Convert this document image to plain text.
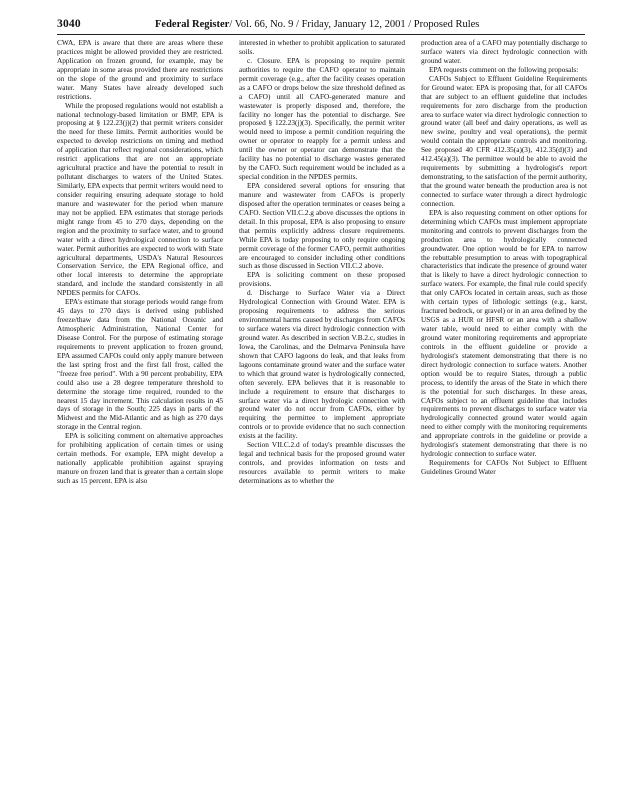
3040	Federal Register/ Vol. 66, No. 9 / Friday, January 12, 2001 / Proposed Rules

CWA, EPA is aware that there are areas where these practices might be allowed provided they are restricted. Application on frozen ground, for example, may be appropriate in some areas provided there are restrictions on the slope of the ground and proximity to surface water. Many States have already developed such restrictions.

While the proposed regulations would not establish a national technology-based limitation or BMP, EPA is proposing at § 122.23(j)(2) that permit writers consider the need for these limits. Permit authorities would be expected to develop restrictions on timing and method of application that reflect regional considerations, which restrict applications that are not an appropriate agricultural practice and have the potential to result in pollutant discharges to waters of the United States. Similarly, EPA expects that permit writers would need to consider requiring ensuring adequate storage to hold manure and wastewater for the period when manure may not be applied. EPA estimates that storage periods might range from 45 to 270 days, depending on the region and the proximity to surface water, and to ground water with a direct hydrological connection to surface water. Permit authorities are expected to work with State agricultural departments, USDA's Natural Resources Conservation Service, the EPA Regional office, and other local interests to determine the appropriate standard, and include the standard consistently in all NPDES permits for CAFOs.

EPA's estimate that storage periods would range from 45 days to 270 days is derived using published freeze/thaw data from the National Oceanic and Atmospheric Administration, National Center for Disease Control. For the purpose of estimating storage requirements to prevent application to frozen ground, EPA assumed CAFOs could only apply manure between the last spring frost and the first fall frost, called the "freeze free period". With a 90 percent probability, EPA could also use a 28 degree temperature threshold to determine the storage time required, rounded to the nearest 15 day increment. This calculation results in 45 days of storage in the South; 225 days in parts of the Midwest and the Mid-Atlantic and as high as 270 days storage in the Central region.

EPA is soliciting comment on alternative approaches for prohibiting application of certain times or using certain methods. For example, EPA might develop a nationally applicable prohibition against spraying manure on frozen land that is greater than a certain slope such as 15 percent. EPA is also

interested in whether to prohibit application to saturated soils.

c. Closure. EPA is proposing to require permit authorities to require the CAFO operator to maintain permit coverage (e.g., after the facility ceases operation as a CAFO or drops below the size threshold defined as a CAFO) until all CAFO-generated manure and wastewater is properly disposed and, therefore, the facility no longer has the potential to discharge. See proposed § 122.23(j)(3). Specifically, the permit writer would need to impose a permit condition requiring the owner or operator to reapply for a permit unless and until the owner or operator can demonstrate that the facility has no potential to discharge wastes generated by the CAFO. Such requirement would be included as a special condition in the NPDES permits.

EPA considered several options for ensuring that manure and wastewater from CAFOs is properly disposed after the operation terminates or ceases being a CAFO. Section VII.C.2.g above discusses the options in detail. In this proposal, EPA is also proposing to ensure that permits explicitly address closure requirements. While EPA is today proposing to only require ongoing permit coverage of the former CAFO, permit authorities are encouraged to consider including other conditions such as those discussed in Section VII.C.2 above.

EPA is soliciting comment on these proposed provisions.

d. Discharge to Surface Water via a Direct Hydrological Connection with Ground Water. EPA is proposing requirements to address the serious environmental harms caused by discharges from CAFOs to surface waters via direct hydrologic connection with ground water. As described in section V.B.2.c, studies in Iowa, the Carolinas, and the Delmarva Peninsula have shown that CAFO lagoons do leak, and that leaks from lagoons contaminate ground water and the surface water to which that ground water is hydrologically connected, often severely. EPA believes that it is reasonable to include a requirement to ensure that discharges to surface water via a direct hydrologic connection with ground water do not occur from CAFOs, either by requiring the permittee to implement appropriate controls or to provide evidence that no such connection exists at the facility.

Section VII.C.2.d of today's preamble discusses the legal and technical basis for the proposed ground water controls, and provides information on tests and resources available to permit writers to make determinations as to whether the

production area of a CAFO may potentially discharge to surface waters via direct hydrologic connection with ground water.

EPA requests comment on the following proposals:

CAFOs Subject to Effluent Guideline Requirements for Ground water. EPA is proposing that, for all CAFOs that are subject to an effluent guideline that includes requirements for zero discharge from the production area to surface water via direct hydrologic connection to ground water (all beef and dairy operations, as well as new swine, poultry and veal operations), the permit would contain the appropriate controls and monitoring. See proposed 40 CFR 412.35(a)(3), 412.35(d)(3) and 412.45(a)(3). The permittee would be able to avoid the requirements by submitting a hydrologist's report demonstrating, to the satisfaction of the permit authority, that the ground water beneath the production area is not connected to surface water through a direct hydrologic connection.

EPA is also requesting comment on other options for determining which CAFOs must implement appropriate monitoring and controls to prevent discharges from the production area to hydrologically connected groundwater. One option would be for EPA to narrow the rebuttable presumption to areas with topographical characteristics that indicate the presence of ground water that is likely to have a direct hydrologic connection to surface waters. For example, the final rule could specify that only CAFOs located in certain areas, such as those with certain types of lithologic settings (e.g., karst, fractured bedrock, or gravel) or in an area defined by the USGS as a HUR or HFSR or an area with a shallow water table, would need to either comply with the ground water monitoring requirements and appropriate controls in the effluent guideline or provide a hydrologist's statement demonstrating that there is no direct hydrologic connection to surface waters. Another option would be to require States, through a public process, to identify the areas of the State in which there is the potential for such discharges. In these areas, CAFOs subject to an effluent guideline that includes requirements to prevent discharges to surface water via hydrologically connected ground water would again need to either comply with the monitoring requirements and appropriate controls in the guideline or provide a hydrologist's statement demonstrating that there is no hydrologic connection to surface water.

Requirements for CAFOs Not Subject to Effluent Guidelines Ground Water
